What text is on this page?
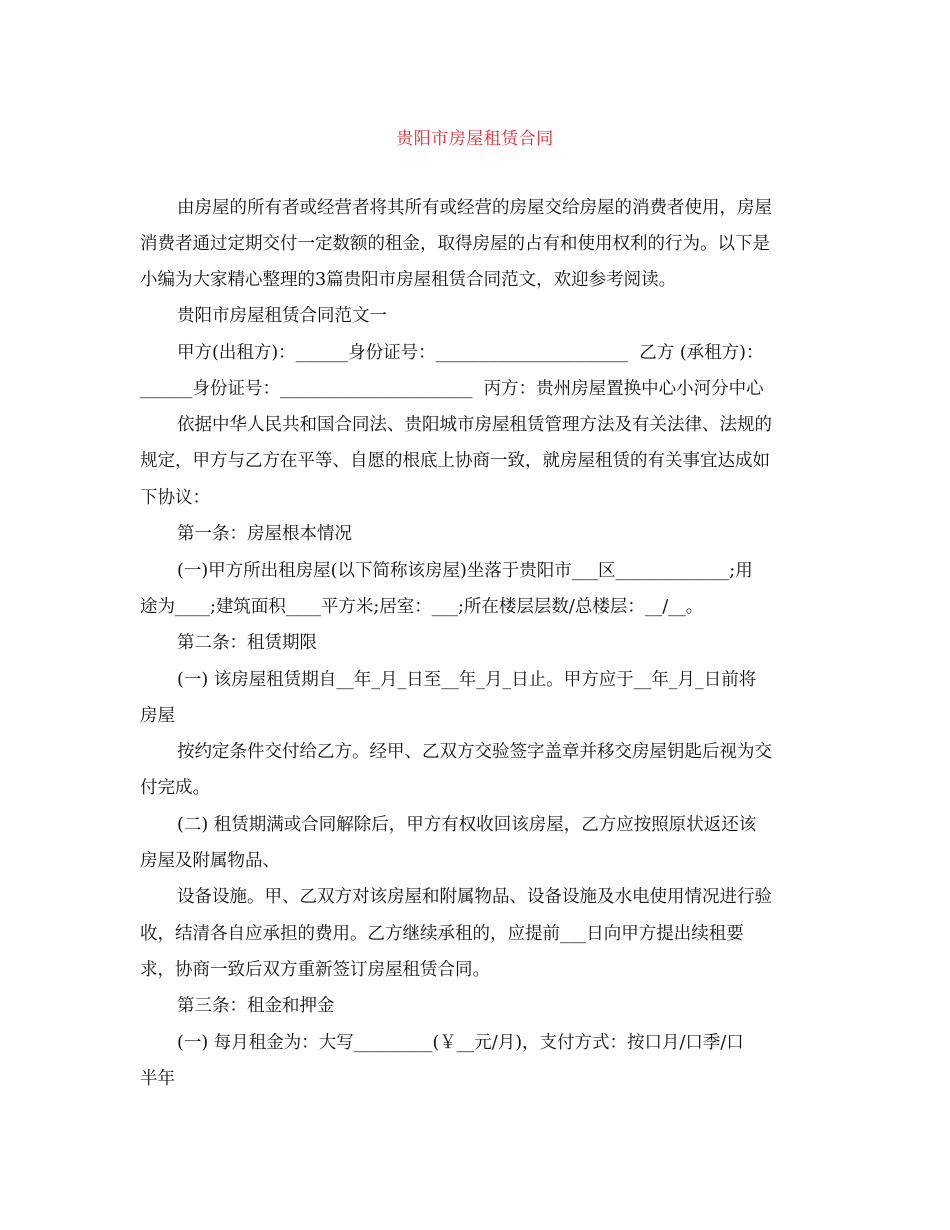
贵阳市房屋租赁合同
由房屋的所有者或经营者将其所有或经营的房屋交给房屋的消费者使用，房屋
消费者通过定期交付一定数额的租金，取得房屋的占有和使用权利的行为。以下是
小编为大家精心整理的3篇贵阳市房屋租赁合同范文，欢迎参考阅读。
贵阳市房屋租赁合同范文一
甲方(出租方)：______身份证号：______________________  乙方 (承租方)：
______身份证号：______________________  丙方：贵州房屋置换中心小河分中心
依据中华人民共和国合同法、贵阳城市房屋租赁管理方法及有关法律、法规的
规定，甲方与乙方在平等、自愿的根底上协商一致，就房屋租赁的有关事宜达成如
下协议：
第一条：房屋根本情况
(一)甲方所出租房屋(以下简称该房屋)坐落于贵阳市___区_____________;用
途为____;建筑面积____平方米;居室：___;所在楼层层数/总楼层：__/__。
第二条：租赁期限
(一) 该房屋租赁期自__年_月_日至__年_月_日止。甲方应于__年_月_日前将
房屋
按约定条件交付给乙方。经甲、乙双方交验签字盖章并移交房屋钥匙后视为交
付完成。
(二) 租赁期满或合同解除后，甲方有权收回该房屋，乙方应按照原状返还该
房屋及附属物品、
设备设施。甲、乙双方对该房屋和附属物品、设备设施及水电使用情况进行验
收，结清各自应承担的费用。乙方继续承租的，应提前___日向甲方提出续租要
求，协商一致后双方重新签订房屋租赁合同。
第三条：租金和押金
(一) 每月租金为：大写_________(￥__元/月)，支付方式：按口月/口季/口
半年
